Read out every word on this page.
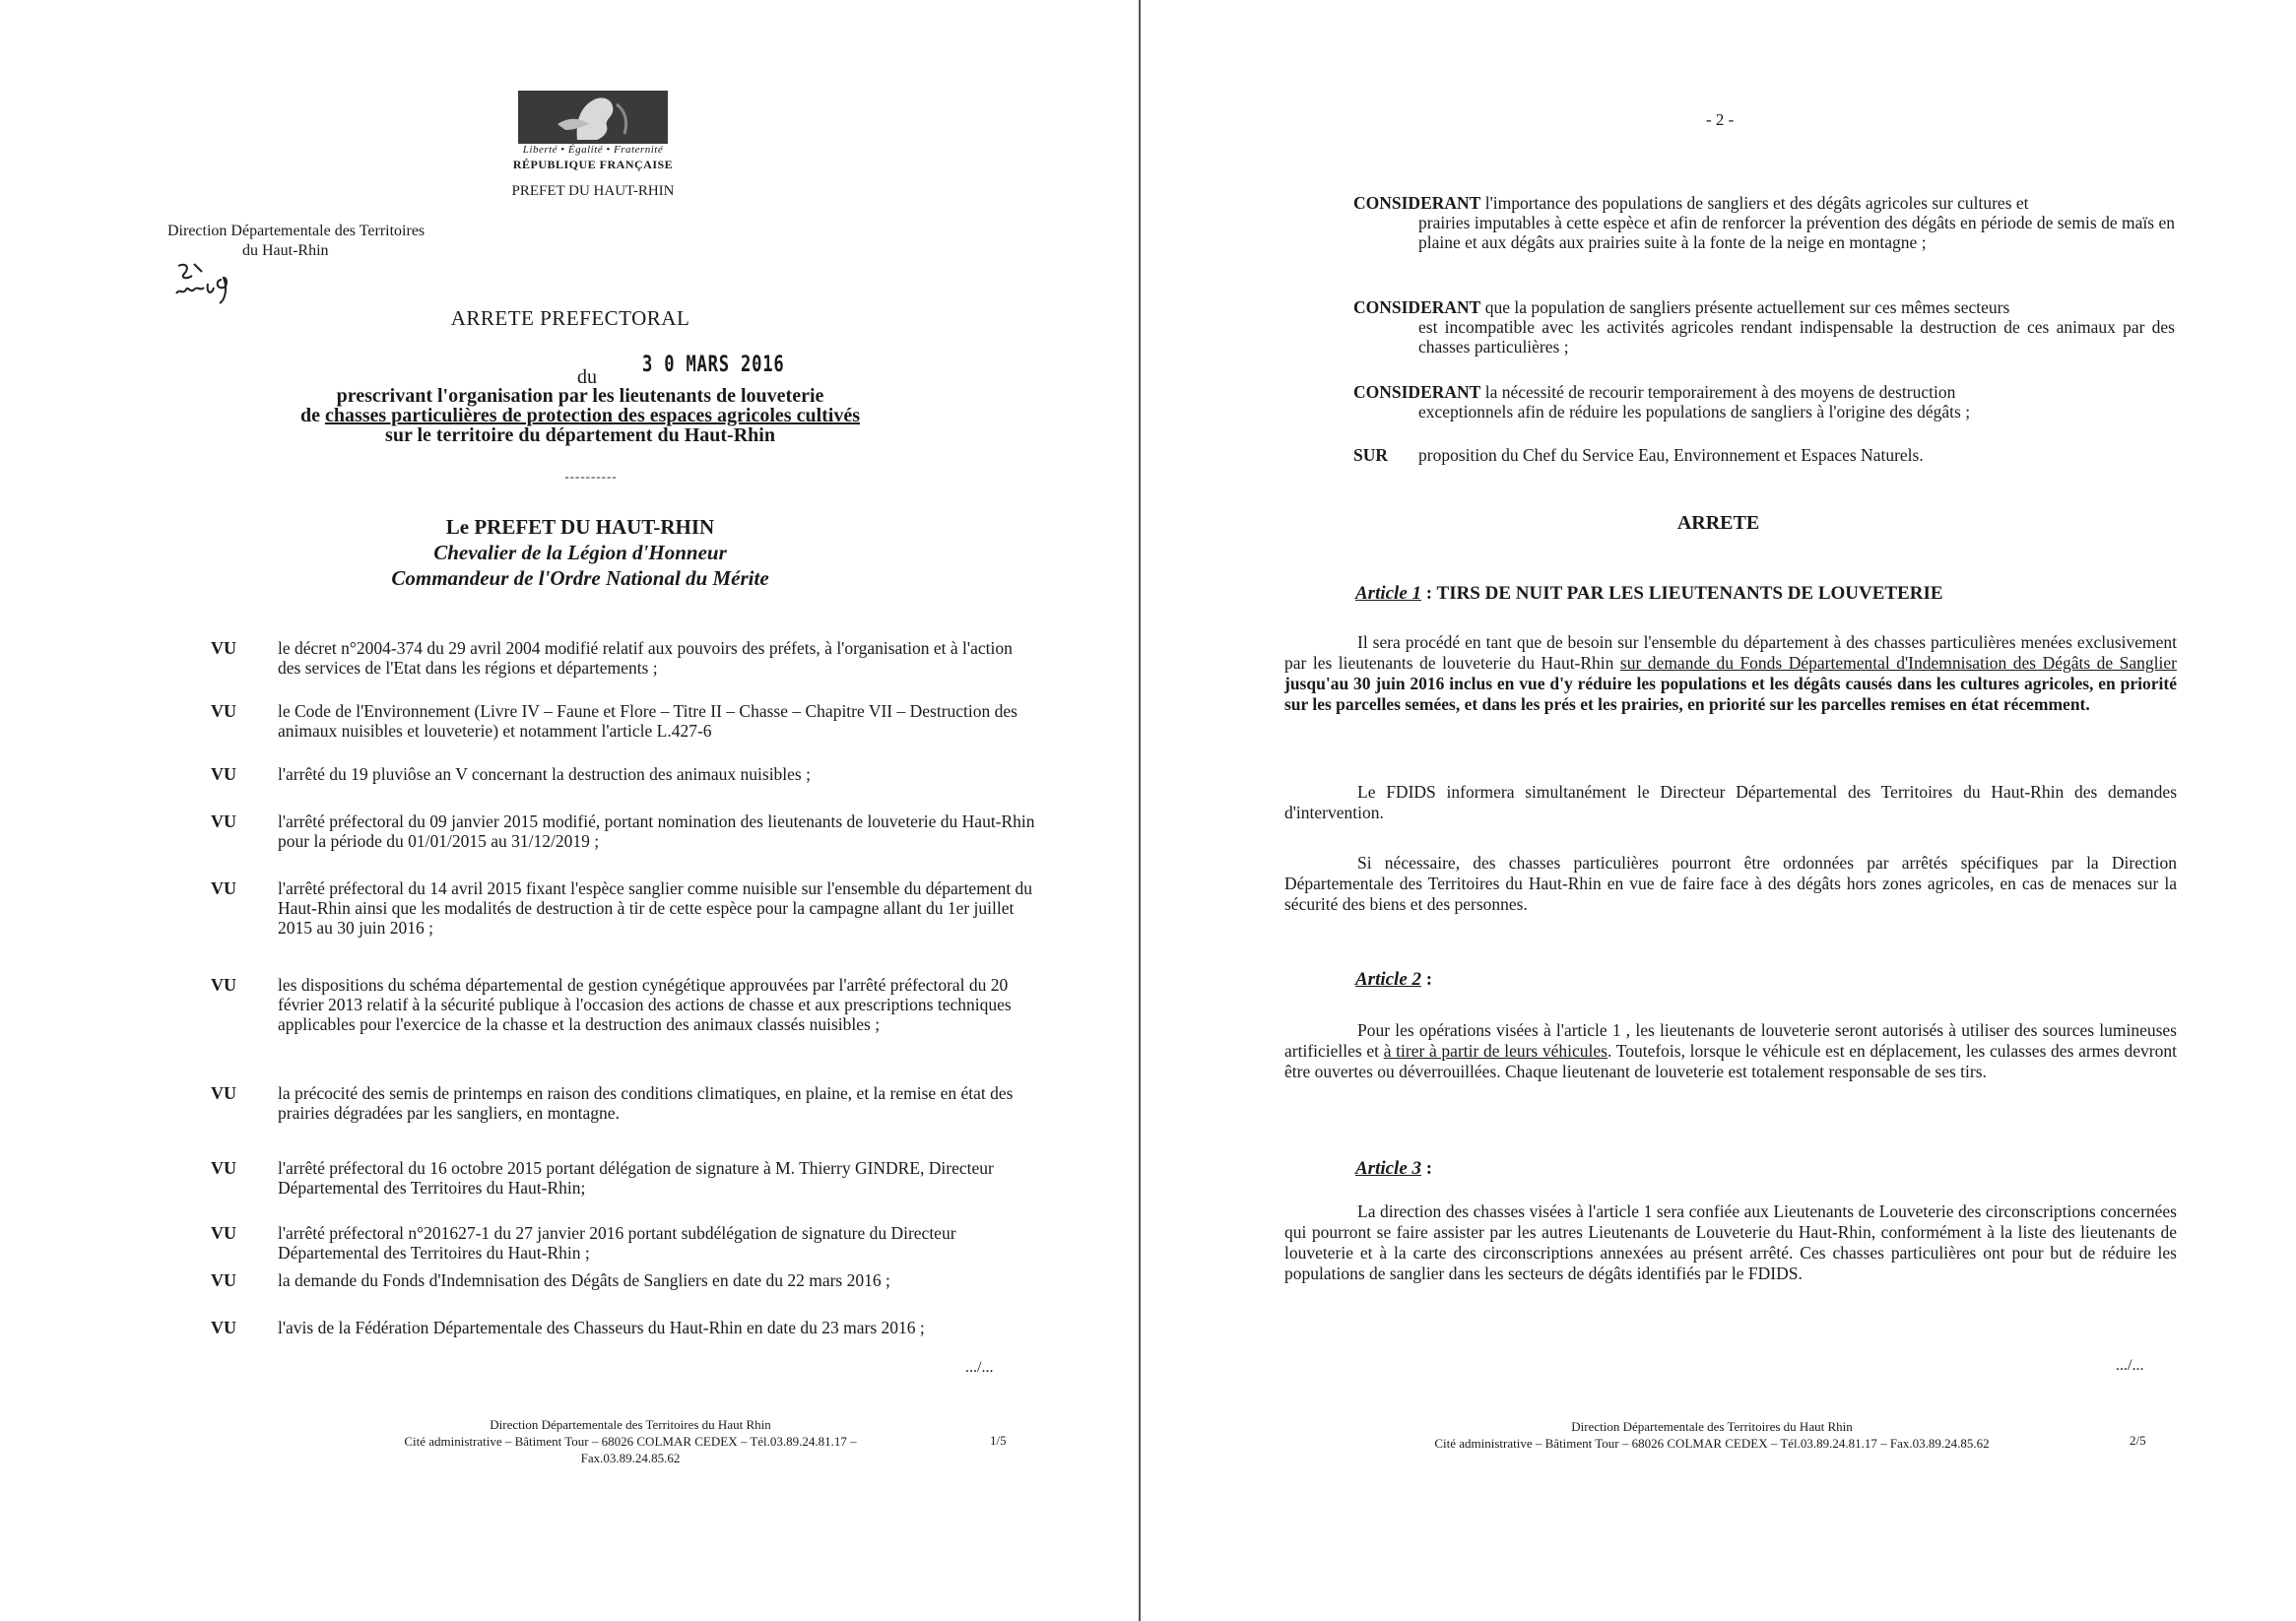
Liberté • Égalité • Fraternité
RÉPUBLIQUE FRANÇAISE
PREFET DU HAUT-RHIN
Direction Départementale des Territoires
du Haut-Rhin
ARRETE PREFECTORAL
du 3 0 MARS 2016
prescrivant l'organisation par les lieutenants de louveterie
de chasses particulières de protection des espaces agricoles cultivés
sur le territoire du département du Haut-Rhin
----------
Le PREFET DU HAUT-RHIN
Chevalier de la Légion d'Honneur
Commandeur de l'Ordre National du Mérite
VU le décret n°2004-374 du 29 avril 2004 modifié relatif aux pouvoirs des préfets, à l'organisation et à l'action des services de l'Etat dans les régions et départements ;
VU le Code de l'Environnement (Livre IV – Faune et Flore – Titre II – Chasse – Chapitre VII – Destruction des animaux nuisibles et louveterie) et notamment l'article L.427-6
VU l'arrêté du 19 pluviôse an V concernant la destruction des animaux nuisibles ;
VU l'arrêté préfectoral du 09 janvier 2015 modifié, portant nomination des lieutenants de louveterie du Haut-Rhin pour la période du 01/01/2015 au 31/12/2019 ;
VU l'arrêté préfectoral du 14 avril 2015 fixant l'espèce sanglier comme nuisible sur l'ensemble du département du Haut-Rhin ainsi que les modalités de destruction à tir de cette espèce pour la campagne allant du 1er juillet 2015 au 30 juin 2016 ;
VU les dispositions du schéma départemental de gestion cynégétique approuvées par l'arrêté préfectoral du 20 février 2013 relatif à la sécurité publique à l'occasion des actions de chasse et aux prescriptions techniques applicables pour l'exercice de la chasse et la destruction des animaux classés nuisibles ;
VU la précocité des semis de printemps en raison des conditions climatiques, en plaine, et la remise en état des prairies dégradées par les sangliers, en montagne.
VU l'arrêté préfectoral du 16 octobre 2015 portant délégation de signature à M. Thierry GINDRE, Directeur Départemental des Territoires du Haut-Rhin;
VU l'arrêté préfectoral n°201627-1 du 27 janvier 2016 portant subdélégation de signature du Directeur Départemental des Territoires du Haut-Rhin ;
VU la demande du Fonds d'Indemnisation des Dégâts de Sangliers en date du 22 mars 2016 ;
VU l'avis de la Fédération Départementale des Chasseurs du Haut-Rhin en date du 23 mars 2016 ;
.../...
Direction Départementale des Territoires du Haut Rhin
Cité administrative – Bâtiment Tour – 68026 COLMAR CEDEX – Tél.03.89.24.81.17 – Fax.03.89.24.85.62
1/5
- 2 -
CONSIDERANT l'importance des populations de sangliers et des dégâts agricoles sur cultures et
prairies imputables à cette espèce et afin de renforcer la prévention des dégâts en période de semis de maïs en plaine et aux dégâts aux prairies suite à la fonte de la neige en montagne ;
CONSIDERANT que la population de sangliers présente actuellement sur ces mêmes secteurs
est incompatible avec les activités agricoles rendant indispensable la destruction de ces animaux par des chasses particulières ;
CONSIDERANT la nécessité de recourir temporairement à des moyens de destruction
exceptionnels afin de réduire les populations de sangliers à l'origine des dégâts ;
SUR proposition du Chef du Service Eau, Environnement et Espaces Naturels.
ARRETE
Article 1 : TIRS DE NUIT PAR LES LIEUTENANTS DE LOUVETERIE
Il sera procédé en tant que de besoin sur l'ensemble du département à des chasses particulières menées exclusivement par les lieutenants de louveterie du Haut-Rhin sur demande du Fonds Départemental d'Indemnisation des Dégâts de Sanglier jusqu'au 30 juin 2016 inclus en vue d'y réduire les populations et les dégâts causés dans les cultures agricoles, en priorité sur les parcelles semées, et dans les prés et les prairies, en priorité sur les parcelles remises en état récemment.
Le FDIDS informera simultanément le Directeur Départemental des Territoires du Haut-Rhin des demandes d'intervention.
Si nécessaire, des chasses particulières pourront être ordonnées par arrêtés spécifiques par la Direction Départementale des Territoires du Haut-Rhin en vue de faire face à des dégâts hors zones agricoles, en cas de menaces sur la sécurité des biens et des personnes.
Article 2 :
Pour les opérations visées à l'article 1 , les lieutenants de louveterie seront autorisés à utiliser des sources lumineuses artificielles et à tirer à partir de leurs véhicules. Toutefois, lorsque le véhicule est en déplacement, les culasses des armes devront être ouvertes ou déverrouillées. Chaque lieutenant de louveterie est totalement responsable de ses tirs.
Article 3 :
La direction des chasses visées à l'article 1 sera confiée aux Lieutenants de Louveterie des circonscriptions concernées qui pourront se faire assister par les autres Lieutenants de Louveterie du Haut-Rhin, conformément à la liste des lieutenants de louveterie et à la carte des circonscriptions annexées au présent arrêté. Ces chasses particulières ont pour but de réduire les populations de sanglier dans les secteurs de dégâts identifiés par le FDIDS.
.../...
Direction Départementale des Territoires du Haut Rhin
Cité administrative – Bâtiment Tour – 68026 COLMAR CEDEX – Tél.03.89.24.81.17 – Fax.03.89.24.85.62	2/5
